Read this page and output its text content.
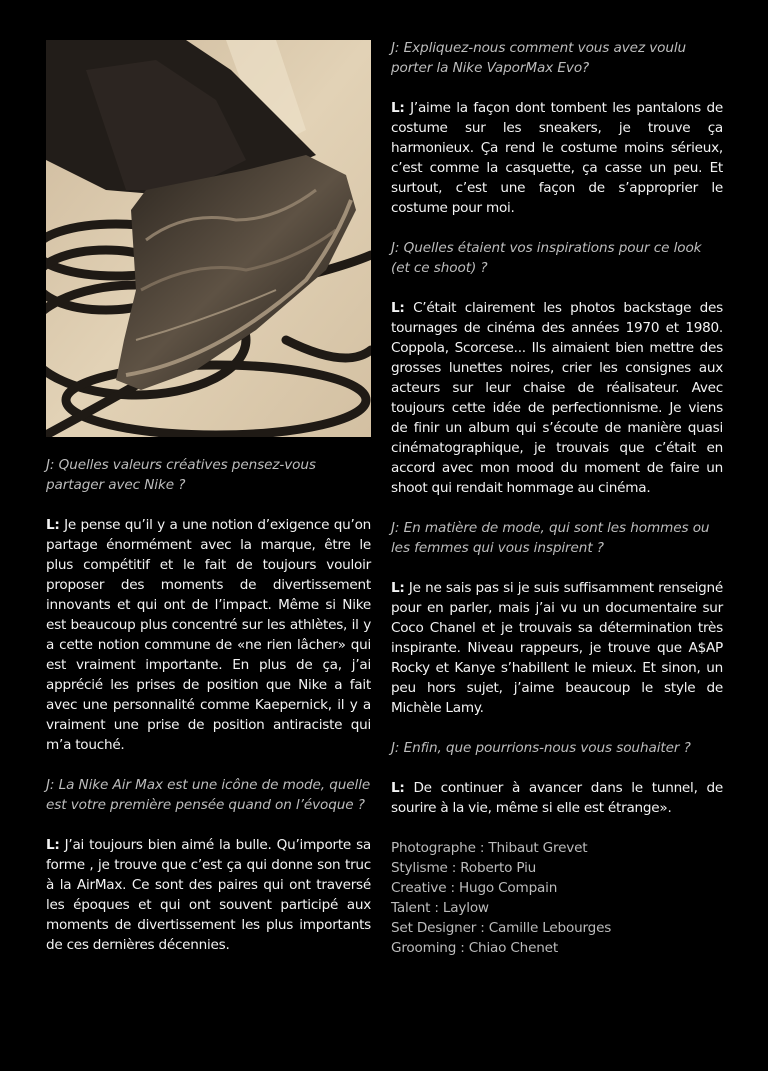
J: Quelles valeurs créatives pensez-vous partager avec Nike ?

L: Je pense qu’il y a une notion d’exigence qu’on partage énormément avec la marque, être le plus compétitif et le fait de toujours vouloir proposer des moments de divertissement innovants et qui ont de l’impact. Même si Nike est beaucoup plus concentré sur les athlètes, il y a cette notion commune de «ne rien lâcher» qui est vraiment importante. En plus de ça, j’ai apprécié les prises de position que Nike a fait avec une personnalité comme Kaepernick, il y a vraiment une prise de position antiraciste qui m’a touché.

J: La Nike Air Max est une icône de mode, quelle est votre première pensée quand on l’évoque ?

L: J’ai toujours bien aimé la bulle. Qu’importe sa forme , je trouve que c’est ça qui donne son truc à la AirMax. Ce sont des paires qui ont traversé les époques et qui ont souvent participé aux moments de divertissement les plus importants de ces dernières décennies.

J: Expliquez-nous comment vous avez voulu porter la Nike VaporMax Evo?

L: J’aime la façon dont tombent les pantalons de costume sur les sneakers, je trouve ça harmonieux. Ça rend le costume moins sérieux, c’est comme la casquette, ça casse un peu. Et surtout, c’est une façon de s’approprier le costume pour moi.

J: Quelles étaient vos inspirations pour ce look (et ce shoot) ?

L: C’était clairement les photos backstage des tournages de cinéma des années 1970 et 1980. Coppola, Scorcese... Ils aimaient bien mettre des grosses lunettes noires, crier les consignes aux acteurs sur leur chaise de réalisateur. Avec toujours cette idée de perfectionnisme. Je viens de finir un album qui s’écoute de manière quasi cinématographique, je trouvais que c’était en accord avec mon mood du moment de faire un shoot qui rendait hommage au cinéma.

J: En matière de mode, qui sont les hommes ou les femmes qui vous inspirent ?

L: Je ne sais pas si je suis suffisamment renseigné pour en parler, mais j’ai vu un documentaire sur Coco Chanel et je trouvais sa détermination très inspirante. Niveau rappeurs, je trouve que A$AP Rocky et Kanye s’habillent le mieux. Et sinon, un peu hors sujet, j’aime beaucoup le style de Michèle Lamy.

J: Enfin, que pourrions-nous vous souhaiter ?

L: De continuer à avancer dans le tunnel, de sourire à la vie, même si elle est étrange».

Photographe : Thibaut Grevet
Stylisme : Roberto Piu
Creative : Hugo Compain
Talent : Laylow
Set Designer : Camille Lebourges
Grooming : Chiao Chenet
